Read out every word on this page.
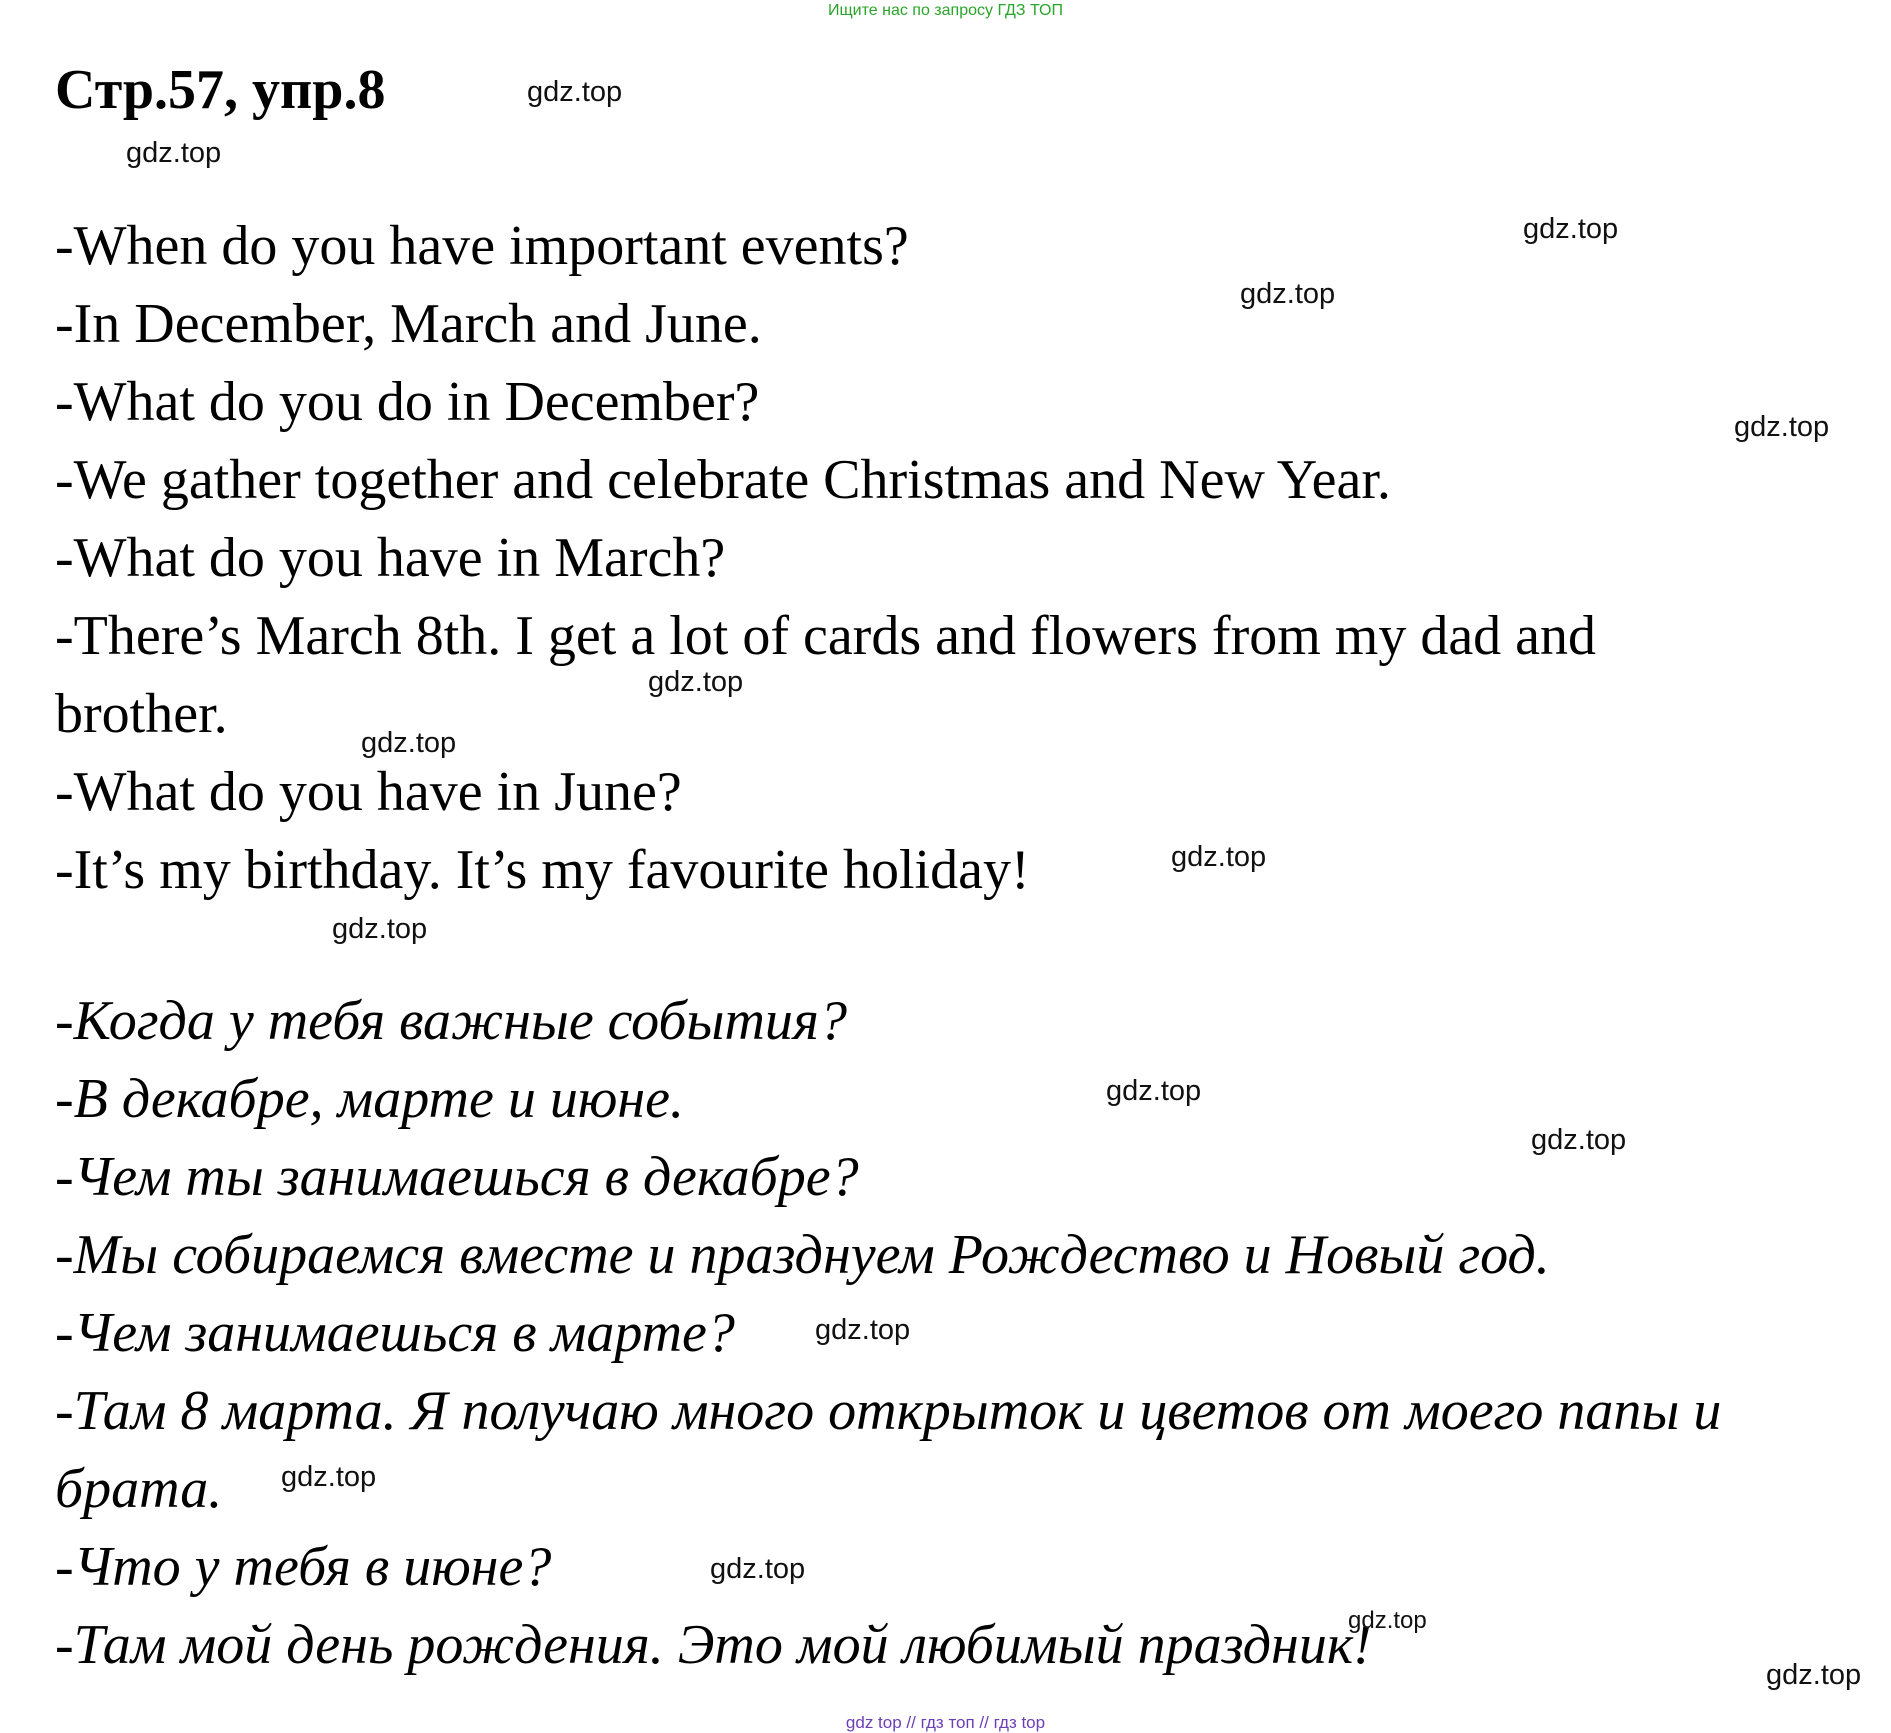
Ищите нас по запросу ГДЗ ТОП
Стр.57, упр.8

-When do you have important events?

-In December, March and June.

-What do you do in December?

-We gather together and celebrate Christmas and New Year.

-What do you have in March?

-There’s March 8th. I get a lot of cards and flowers from my dad and

brother.

-What do you have in June?

-It’s my birthday. It’s my favourite holiday!

-Когда у тебя важные события?

-В декабре, марте и июне.

-Чем ты занимаешься в декабре?

-Мы собираемся вместе и празднуем Рождество и Новый год.

-Чем занимаешься в марте?

-Там 8 марта. Я получаю много открыток и цветов от моего папы и

брата.

-Что у тебя в июне?

-Там мой день рождения. Это мой любимый праздник!

gdz.top
gdz.top
gdz.top
gdz.top
gdz.top
gdz.top
gdz.top
gdz.top
gdz.top
gdz.top
gdz.top
gdz.top
gdz.top
gdz.top
gdz.top
gdz.top
gdz top // гдз топ // гдз top
